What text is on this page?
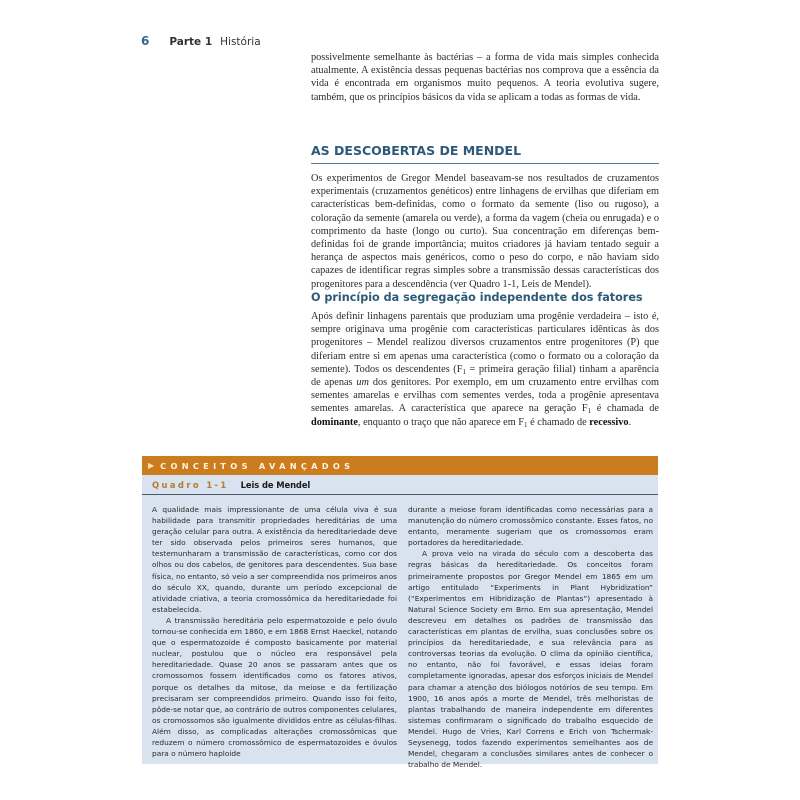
6 Parte 1 História

possivelmente semelhante às bactérias – a forma de vida mais simples conhecida atualmente. A existência dessas pequenas bactérias nos comprova que a essência da vida é encontrada em organismos muito pequenos. A teoria evolutiva sugere, também, que os princípios básicos da vida se aplicam a todas as formas de vida.

AS DESCOBERTAS DE MENDEL

Os experimentos de Gregor Mendel baseavam-se nos resultados de cruzamentos experimentais (cruzamentos genéticos) entre linhagens de ervilhas que diferiam em características bem-definidas, como o formato da semente (liso ou rugoso), a coloração da semente (amarela ou verde), a forma da vagem (cheia ou enrugada) e o comprimento da haste (longo ou curto). Sua concentração em diferenças bem-definidas foi de grande importância; muitos criadores já haviam tentado seguir a herança de aspectos mais genéricos, como o peso do corpo, e não haviam sido capazes de identificar regras simples sobre a transmissão dessas características dos progenitores para a descendência (ver Quadro 1-1, Leis de Mendel).

O princípio da segregação independente dos fatores

Após definir linhagens parentais que produziam uma progênie verdadeira – isto é, sempre originava uma progênie com características particulares idênticas às dos progenitores – Mendel realizou diversos cruzamentos entre progenitores (P) que diferiam entre si em apenas uma característica (como o formato ou a coloração da semente). Todos os descendentes ($F_1$ = primeira geração filial) tinham a aparência de apenas um dos genitores. Por exemplo, em um cruzamento entre ervilhas com sementes amarelas e ervilhas com sementes verdes, toda a progênie apresentava sementes amarelas. A característica que aparece na geração $F_1$ é chamada de dominante, enquanto o traço que não aparece em $F_1$ é chamado de recessivo.

▶ CONCEITOS AVANÇADOS
Quadro 1-1 Leis de Mendel

A qualidade mais impressionante de uma célula viva é sua habilidade para transmitir propriedades hereditárias de uma geração celular para outra. A existência da hereditariedade deve ter sido observada pelos primeiros seres humanos, que testemunharam a transmissão de características, como cor dos olhos ou dos cabelos, de genitores para descendentes. Sua base física, no entanto, só veio a ser compreendida nos primeiros anos do século XX, quando, durante um período excepcional de atividade criativa, a teoria cromossômica da hereditariedade foi estabelecida.

A transmissão hereditária pelo espermatozoide e pelo óvulo tornou-se conhecida em 1860, e em 1868 Ernst Haeckel, notando que o espermatozoide é composto basicamente por material nuclear, postulou que o núcleo era responsável pela hereditariedade. Quase 20 anos se passaram antes que os cromossomos fossem identificados como os fatores ativos, porque os detalhes da mitose, da meiose e da fertilização precisaram ser compreendidos primeiro. Quando isso foi feito, pôde-se notar que, ao contrário de outros componentes celulares, os cromossomos são igualmente divididos entre as células-filhas. Além disso, as complicadas alterações cromossômicas que reduzem o número cromossômico de espermatozoides e óvulos para o número haploide

durante a meiose foram identificadas como necessárias para a manutenção do número cromossômico constante. Esses fatos, no entanto, meramente sugeriam que os cromossomos eram portadores da hereditariedade.

A prova veio na virada do século com a descoberta das regras básicas da hereditariedade. Os conceitos foram primeiramente propostos por Gregor Mendel em 1865 em um artigo entitulado “Experiments in Plant Hybridization” (“Experimentos em Hibridização de Plantas”) apresentado à Natural Science Society em Brno. Em sua apresentação, Mendel descreveu em detalhes os padrões de transmissão das características em plantas de ervilha, suas conclusões sobre os princípios da hereditariedade, e sua relevância para as controversas teorias da evolução. O clima da opinião científica, no entanto, não foi favorável, e essas ideias foram completamente ignoradas, apesar dos esforços iniciais de Mendel para chamar a atenção dos biólogos notórios de seu tempo. Em 1900, 16 anos após a morte de Mendel, três melhoristas de plantas trabalhando de maneira independente em diferentes sistemas confirmaram o significado do trabalho esquecido de Mendel. Hugo de Vries, Karl Correns e Erich von Tschermak-Seysenegg, todos fazendo experimentos semelhantes aos de Mendel, chegaram a conclusões similares antes de conhecer o trabalho de Mendel.
